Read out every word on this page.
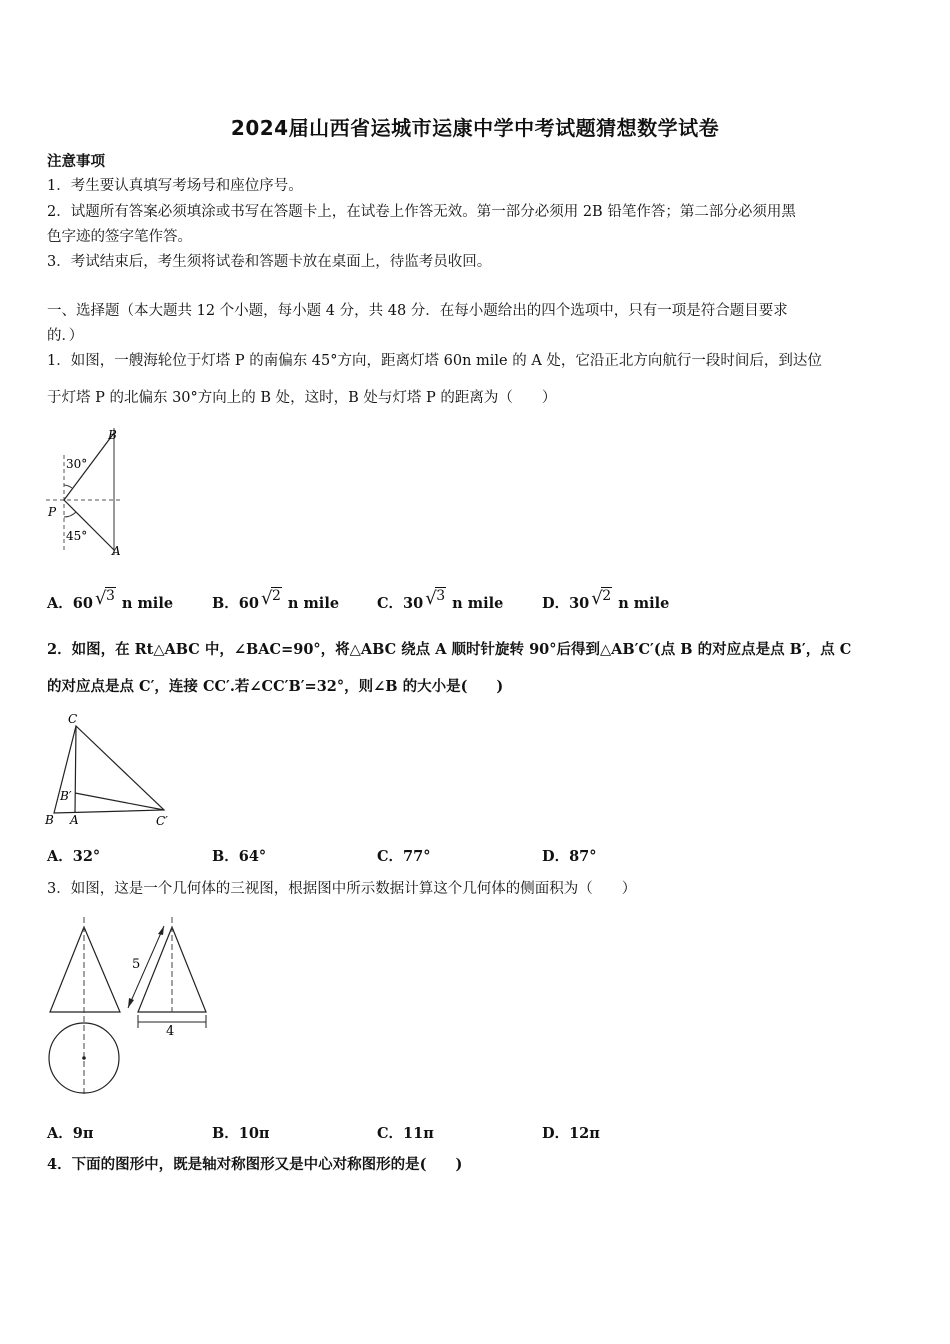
2024届山西省运城市运康中学中考试题猜想数学试卷
注意事项
1．考生要认真填写考场号和座位序号。
2．试题所有答案必须填涂或书写在答题卡上，在试卷上作答无效。第一部分必须用 2B 铅笔作答；第二部分必须用黑
色字迹的签字笔作答。
3．考试结束后，考生须将试卷和答题卡放在桌面上，待监考员收回。
一、选择题（本大题共 12 个小题，每小题 4 分，共 48 分．在每小题给出的四个选项中，只有一项是符合题目要求
的．）
1．如图，一艘海轮位于灯塔 P 的南偏东 45°方向，距离灯塔 60n mile 的 A 处，它沿正北方向航行一段时间后，到达位
于灯塔 P 的北偏东 30°方向上的 B 处，这时，B 处与灯塔 P 的距离为（　　）
B
P
A
30°
45°
A．60 √ 3 n mile	B．60 √ 2 n mile	C．30 √ 3 n mile	D．30 √ 2 n mile
2．如图，在 Rt△ABC 中，∠BAC=90°，将△ABC 绕点 A 顺时针旋转 90°后得到△AB′C′(点 B 的对应点是点 B′，点 C
的对应点是点 C′，连接 CC′.若∠CC′B′=32°，则∠B 的大小是(　　)
C
B′
B A	C′
A．32°	B．64°	C．77°	D．87°
3．如图，这是一个几何体的三视图，根据图中所示数据计算这个几何体的侧面积为（　　）
5
4
A．9π	B．10π	C．11π	D．12π
4．下面的图形中，既是轴对称图形又是中心对称图形的是(　　)
